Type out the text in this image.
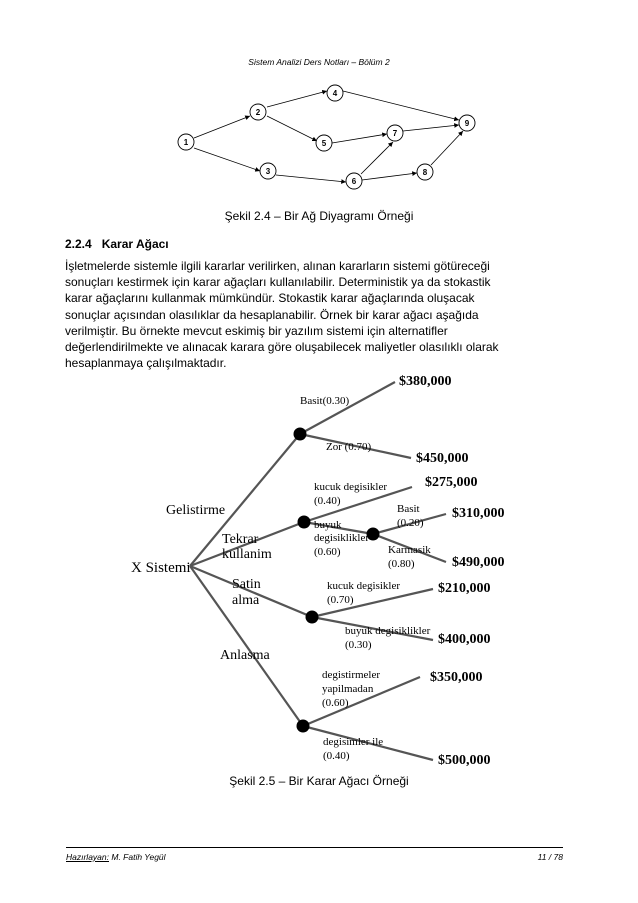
Sistem Analizi Ders Notları – Bölüm 2
1
2
3
4
5
6
7
8
9
Şekil 2.4 – Bir Ağ Diyagramı Örneği
2.2.4 Karar Ağacı
İşletmelerde sistemle ilgili kararlar verilirken, alınan kararların sistemi götüreceği
sonuçları kestirmek için karar ağaçları kullanılabilir. Deterministik ya da stokastik
karar ağaçlarını kullanmak mümkündür. Stokastik karar ağaçlarında oluşacak
sonuçlar açısından olasılıklar da hesaplanabilir. Örnek bir karar ağacı aşağıda
verilmiştir. Bu örnekte mevcut eskimiş bir yazılım sistemi için alternatifler
değerlendirilmekte ve alınacak karara göre oluşabilecek maliyetler olasılıklı olarak
hesaplanmaya çalışılmaktadır.
X Sistemi
Gelistirme
Tekrar
kullanim
Satin
alma
Anlasma
Basit(0.30)
Zor (0.70)
$380,000
$450,000
kucuk degisikler
(0.40)
buyuk
degisiklikler
(0.60)
Basit
(0.20)
Karmasik
(0.80)
$275,000
$310,000
$490,000
kucuk degisikler
(0.70)
buyuk degisiklikler
(0.30)
$210,000
$400,000
degistirmeler
yapilmadan
(0.60)
degisimler ile
(0.40)
$350,000
$500,000
Şekil 2.5 – Bir Karar Ağacı Örneği
Hazırlayan: M. Fatih Yegül	11 / 78
